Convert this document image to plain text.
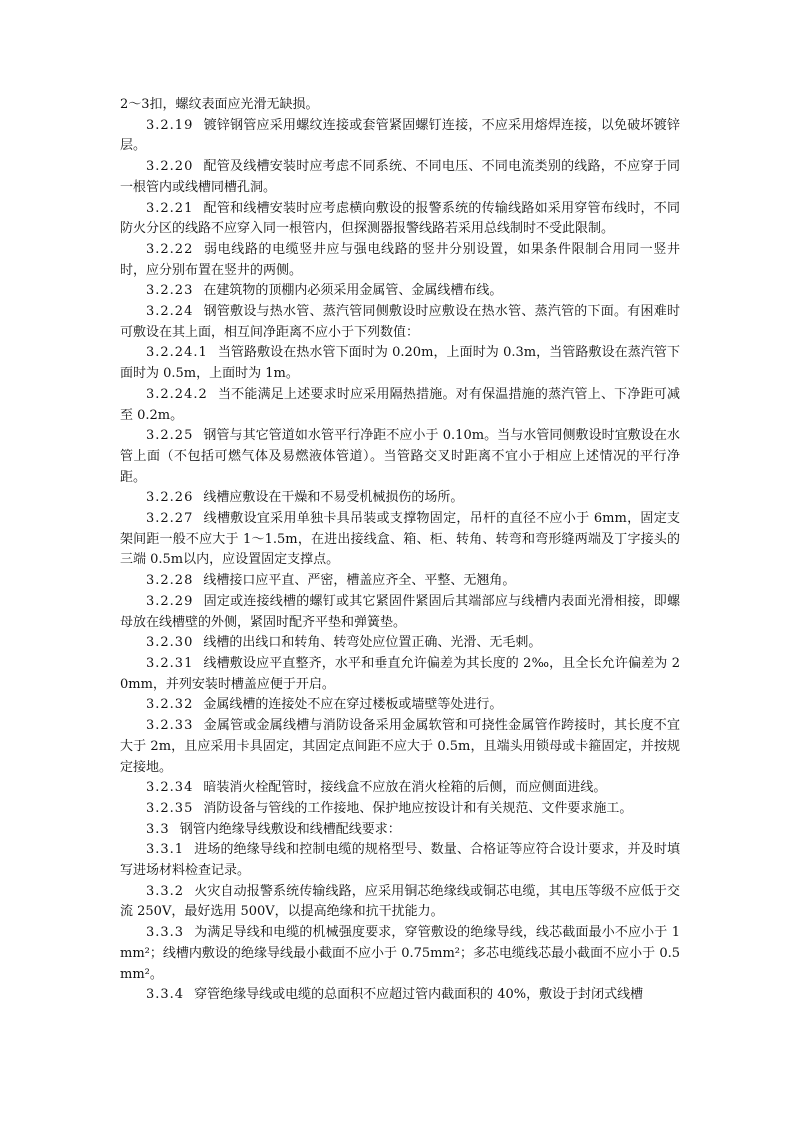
2～3扣，螺纹表面应光滑无缺损。

3.2.19 镀锌钢管应采用螺纹连接或套管紧固螺钉连接，不应采用熔焊连接，以免破坏镀锌层。

3.2.20 配管及线槽安装时应考虑不同系统、不同电压、不同电流类别的线路，不应穿于同一根管内或线槽同槽孔洞。

3.2.21 配管和线槽安装时应考虑横向敷设的报警系统的传输线路如采用穿管布线时，不同防火分区的线路不应穿入同一根管内，但探测器报警线路若采用总线制时不受此限制。

3.2.22 弱电线路的电缆竖井应与强电线路的竖井分别设置，如果条件限制合用同一竖井时，应分别布置在竖井的两侧。

3.2.23 在建筑物的顶棚内必须采用金属管、金属线槽布线。

3.2.24 钢管敷设与热水管、蒸汽管同侧敷设时应敷设在热水管、蒸汽管的下面。有困难时可敷设在其上面，相互间净距离不应小于下列数值：

3.2.24.1 当管路敷设在热水管下面时为 0.20m，上面时为 0.3m，当管路敷设在蒸汽管下面时为 0.5m，上面时为 1m。

3.2.24.2 当不能满足上述要求时应采用隔热措施。对有保温措施的蒸汽管上、下净距可减至 0.2m。

3.2.25 钢管与其它管道如水管平行净距不应小于 0.10m。当与水管同侧敷设时宜敷设在水管上面（不包括可燃气体及易燃液体管道）。当管路交叉时距离不宜小于相应上述情况的平行净距。

3.2.26 线槽应敷设在干燥和不易受机械损伤的场所。

3.2.27 线槽敷设宜采用单独卡具吊装或支撑物固定，吊杆的直径不应小于 6mm，固定支架间距一般不应大于 1～1.5m，在进出接线盒、箱、柜、转角、转弯和弯形缝两端及丁字接头的三端 0.5m以内，应设置固定支撑点。

3.2.28 线槽接口应平直、严密，槽盖应齐全、平整、无翘角。

3.2.29 固定或连接线槽的螺钉或其它紧固件紧固后其端部应与线槽内表面光滑相接，即螺母放在线槽壁的外侧，紧固时配齐平垫和弹簧垫。

3.2.30 线槽的出线口和转角、转弯处应位置正确、光滑、无毛刺。

3.2.31 线槽敷设应平直整齐，水平和垂直允许偏差为其长度的 2‰，且全长允许偏差为 20mm，并列安装时槽盖应便于开启。

3.2.32 金属线槽的连接处不应在穿过楼板或墙壁等处进行。

3.2.33 金属管或金属线槽与消防设备采用金属软管和可挠性金属管作跨接时，其长度不宜大于 2m，且应采用卡具固定，其固定点间距不应大于 0.5m，且端头用锁母或卡箍固定，并按规定接地。

3.2.34 暗装消火栓配管时，接线盒不应放在消火栓箱的后侧，而应侧面进线。

3.2.35 消防设备与管线的工作接地、保护地应按设计和有关规范、文件要求施工。

3.3 钢管内绝缘导线敷设和线槽配线要求：

3.3.1 进场的绝缘导线和控制电缆的规格型号、数量、合格证等应符合设计要求，并及时填写进场材料检查记录。

3.3.2 火灾自动报警系统传输线路，应采用铜芯绝缘线或铜芯电缆，其电压等级不应低于交流 250V，最好选用 500V，以提高绝缘和抗干扰能力。

3.3.3 为满足导线和电缆的机械强度要求，穿管敷设的绝缘导线，线芯截面最小不应小于 1mm²；线槽内敷设的绝缘导线最小截面不应小于 0.75mm²；多芯电缆线芯最小截面不应小于 0.5mm²。

3.3.4 穿管绝缘导线或电缆的总面积不应超过管内截面积的 40%，敷设于封闭式线槽
